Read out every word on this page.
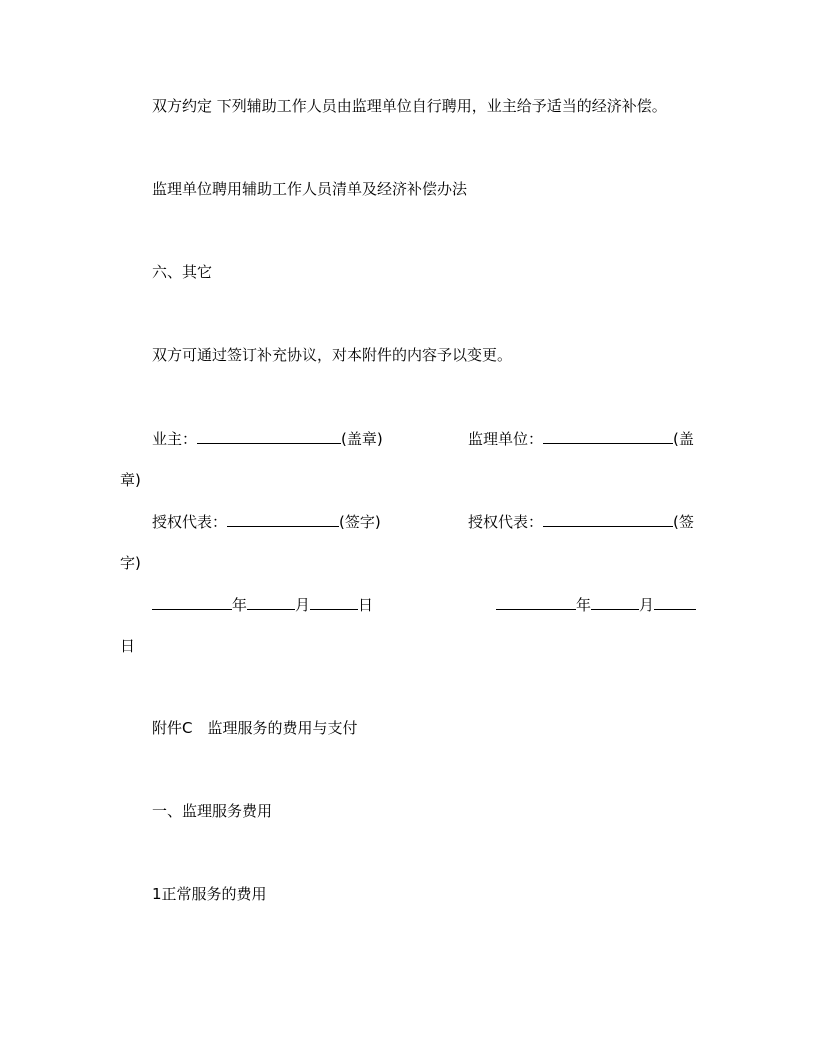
双方约定 下列辅助工作人员由监理单位自行聘用，业主给予适当的经济补偿。
监理单位聘用辅助工作人员清单及经济补偿办法
六、其它
双方可通过签订补充协议，对本附件的内容予以变更。
业主：	(盖章)	监理单位：	(盖
章)
授权代表：	(签字)	授权代表：	(签
字)
年	月	日	年	月
日
附件C　监理服务的费用与支付
一、监理服务费用
1正常服务的费用
